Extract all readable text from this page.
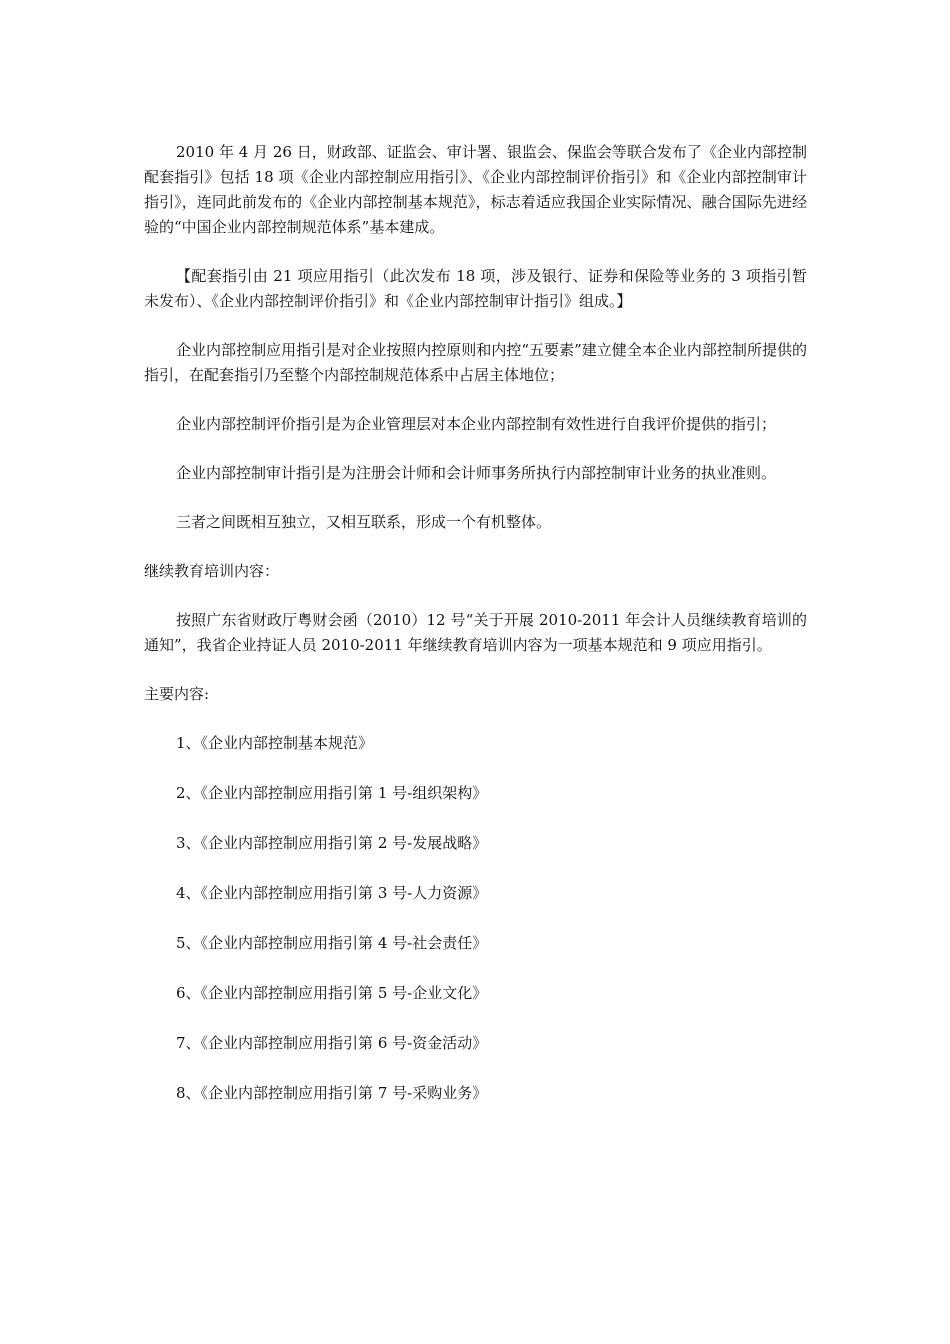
2010 年 4 月 26 日，财政部、证监会、审计署、银监会、保监会等联合发布了《企业内部控制配套指引》包括 18 项《企业内部控制应用指引》、《企业内部控制评价指引》和《企业内部控制审计指引》，连同此前发布的《企业内部控制基本规范》，标志着适应我国企业实际情况、融合国际先进经验的“中国企业内部控制规范体系”基本建成。

【配套指引由 21 项应用指引（此次发布 18 项，涉及银行、证券和保险等业务的 3 项指引暂未发布）、《企业内部控制评价指引》和《企业内部控制审计指引》组成。】

企业内部控制应用指引是对企业按照内控原则和内控“五要素”建立健全本企业内部控制所提供的指引，在配套指引乃至整个内部控制规范体系中占居主体地位；

企业内部控制评价指引是为企业管理层对本企业内部控制有效性进行自我评价提供的指引；

企业内部控制审计指引是为注册会计师和会计师事务所执行内部控制审计业务的执业准则。

三者之间既相互独立，又相互联系，形成一个有机整体。

继续教育培训内容：

按照广东省财政厅粤财会函（2010）12 号“关于开展 2010-2011 年会计人员继续教育培训的通知”，我省企业持证人员 2010-2011 年继续教育培训内容为一项基本规范和 9 项应用指引。

主要内容:

1、《企业内部控制基本规范》
2、《企业内部控制应用指引第 1 号-组织架构》
3、《企业内部控制应用指引第 2 号-发展战略》
4、《企业内部控制应用指引第 3 号-人力资源》
5、《企业内部控制应用指引第 4 号-社会责任》
6、《企业内部控制应用指引第 5 号-企业文化》
7、《企业内部控制应用指引第 6 号-资金活动》
8、《企业内部控制应用指引第 7 号-采购业务》
